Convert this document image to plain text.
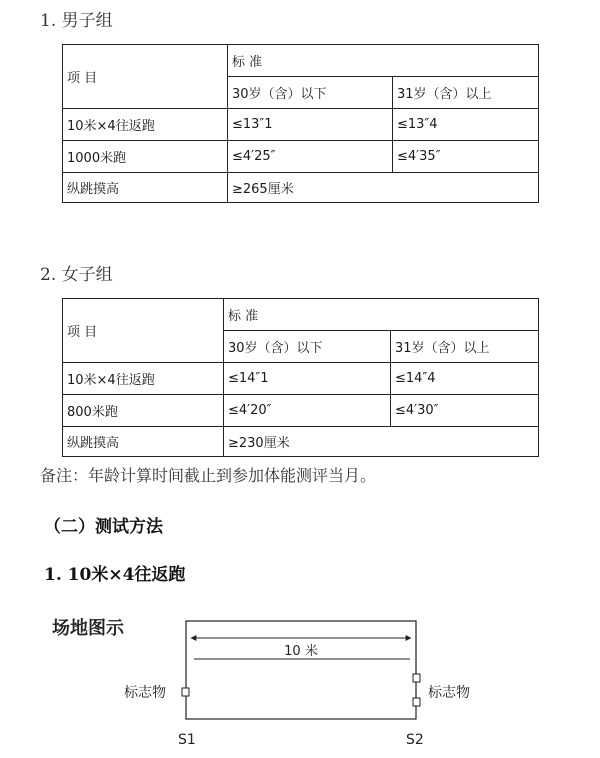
1. 男子组
项 目	标 准	
	30岁（含）以下	31岁（含）以上
10米×4往返跑	≤13″1	≤13″4
1000米跑	≤4′25″	≤4′35″
纵跳摸高	≥265厘米	
2. 女子组
项 目	标 准	
	30岁（含）以下	31岁（含）以上
10米×4往返跑	≤14″1	≤14″4
800米跑	≤4′20″	≤4′30″
纵跳摸高	≥230厘米	
备注：年龄计算时间截止到参加体能测评当月。
（二）测试方法
1. 10米×4往返跑
场地图示
10 米
标志物	标志物
S1	S2
